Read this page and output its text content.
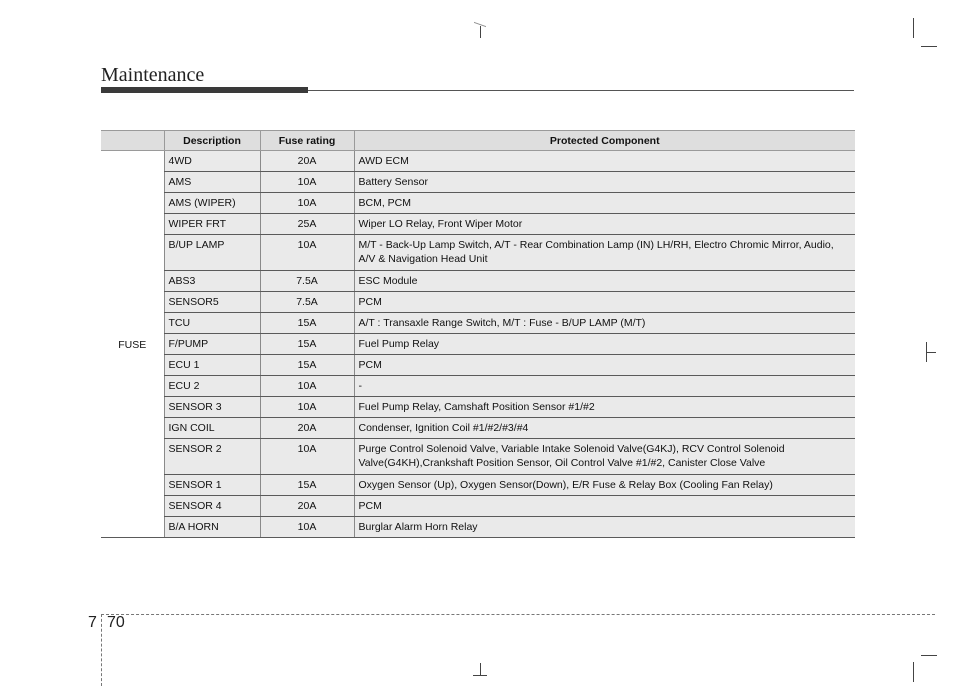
Maintenance
	Description	Fuse rating	Protected Component
FUSE	4WD	20A	AWD ECM
	AMS	10A	Battery Sensor
	AMS (WIPER)	10A	BCM, PCM
	WIPER FRT	25A	Wiper LO Relay, Front Wiper Motor
	B/UP LAMP	10A	M/T - Back-Up Lamp Switch, A/T - Rear Combination Lamp (IN) LH/RH, Electro Chromic Mirror, Audio, A/V & Navigation Head Unit
	ABS3	7.5A	ESC Module
	SENSOR5	7.5A	PCM
	TCU	15A	A/T : Transaxle Range Switch, M/T : Fuse - B/UP LAMP (M/T)
	F/PUMP	15A	Fuel Pump Relay
	ECU 1	15A	PCM
	ECU 2	10A	-
	SENSOR 3	10A	Fuel Pump Relay, Camshaft Position Sensor #1/#2
	IGN COIL	20A	Condenser, Ignition Coil #1/#2/#3/#4
	SENSOR 2	10A	Purge Control Solenoid Valve, Variable Intake Solenoid Valve(G4KJ), RCV Control Solenoid Valve(G4KH),Crankshaft Position Sensor, Oil Control Valve #1/#2, Canister Close Valve
	SENSOR 1	15A	Oxygen Sensor (Up), Oxygen Sensor(Down), E/R Fuse & Relay Box (Cooling Fan Relay)
	SENSOR 4	20A	PCM
	B/A HORN	10A	Burglar Alarm Horn Relay
7 70
